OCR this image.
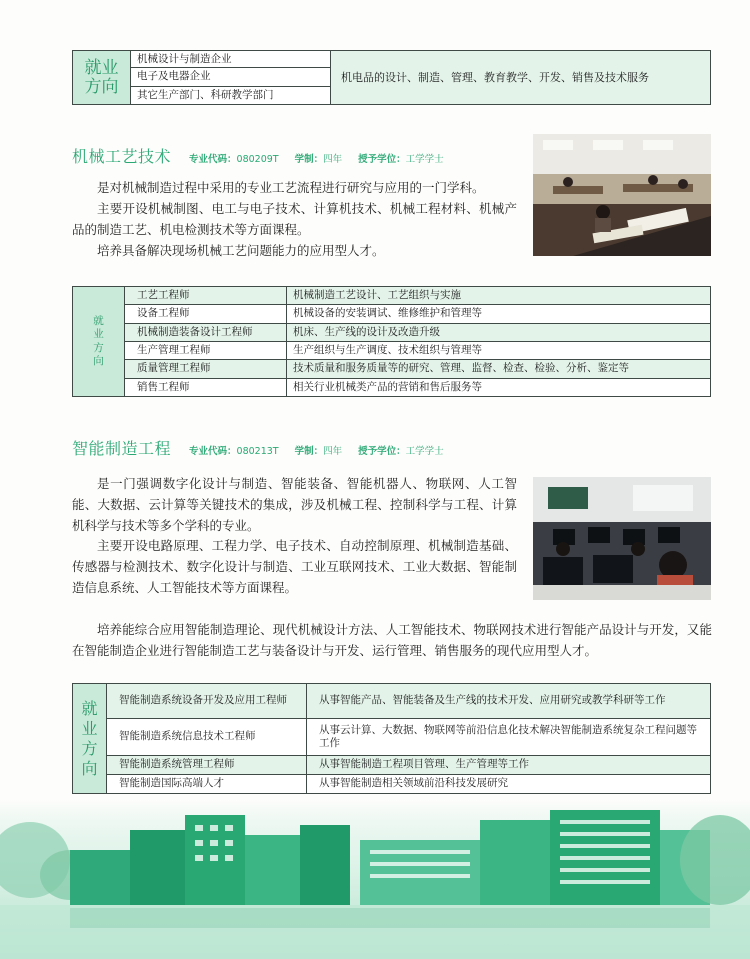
就业
方向	机械设计与制造企业	机电品的设计、制造、管理、教育教学、开发、销售及技术服务
电子及电器企业
其它生产部门、科研教学部门
机械工艺技术 专业代码：080209T 学制：四年 授予学位：工学学士

是对机械制造过程中采用的专业工艺流程进行研究与应用的一门学科。

主要开设机械制图、电工与电子技术、计算机技术、机械工程材料、机械产品的制造工艺、机电检测技术等方面课程。

培养具备解决现场机械工艺问题能力的应用型人才。

就
业
方
向	工艺工程师	机械制造工艺设计、工艺组织与实施
	设备工程师	机械设备的安装调试、维修维护和管理等
	机械制造装备设计工程师	机床、生产线的设计及改造升级
	生产管理工程师	生产组织与生产调度、技术组织与管理等
	质量管理工程师	技术质量和服务质量等的研究、管理、监督、检查、检验、分析、鉴定等
	销售工程师	相关行业机械类产品的营销和售后服务等
智能制造工程 专业代码：080213T 学制：四年 授予学位：工学学士

是一门强调数字化设计与制造、智能装备、智能机器人、物联网、人工智能、大数据、云计算等关键技术的集成，涉及机械工程、控制科学与工程、计算机科学与技术等多个学科的专业。

主要开设电路原理、工程力学、电子技术、自动控制原理、机械制造基础、传感器与检测技术、数字化设计与制造、工业互联网技术、工业大数据、智能制造信息系统、人工智能技术等方面课程。

培养能综合应用智能制造理论、现代机械设计方法、人工智能技术、物联网技术进行智能产品设计与开发，又能在智能制造企业进行智能制造工艺与装备设计与开发、运行管理、销售服务的现代应用型人才。

就
业
方
向	智能制造系统设备开发及应用工程师	从事智能产品、智能装备及生产线的技术开发、应用研究或教学科研等工作
	智能制造系统信息技术工程师	从事云计算、大数据、物联网等前沿信息化技术解决智能制造系统复杂工程问题等工作
	智能制造系统管理工程师	从事智能制造工程项目管理、生产管理等工作
	智能制造国际高端人才	从事智能制造相关领域前沿科技发展研究
